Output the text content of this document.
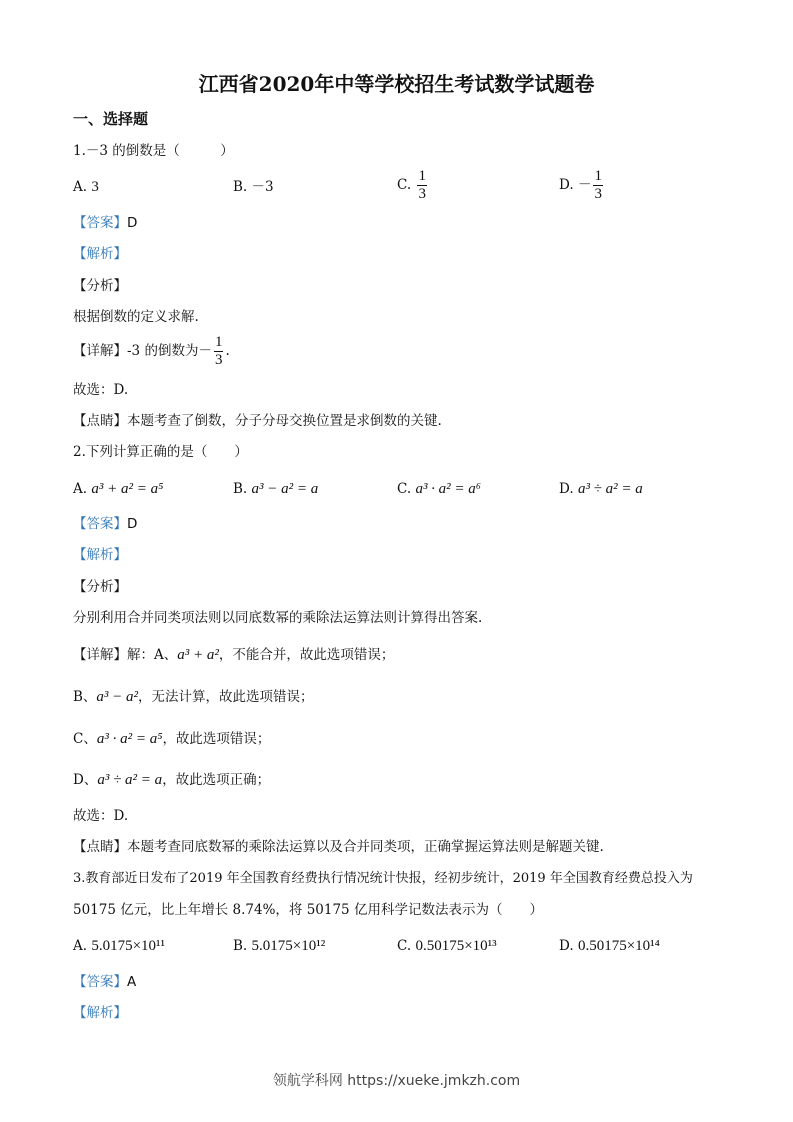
江西省2020年中等学校招生考试数学试题卷
一、选择题
1.－3 的倒数是（　　　）
A. 3	B. －3	C. $\frac{1}{3}$	D. － $\frac{1}{3}$
【答案】D
【解析】
【分析】
根据倒数的定义求解.
【详解】-3 的倒数为－ $\frac{1}{3}$ .
故选：D.
【点睛】本题考查了倒数，分子分母交换位置是求倒数的关键.
2.下列计算正确的是（　　）
A. a³ + a² = a⁵	B. a³ − a² = a	C. a³ · a² = a⁶	D. a³ ÷ a² = a
【答案】D
【解析】
【分析】
分别利用合并同类项法则以同底数幂的乘除法运算法则计算得出答案.
【详解】解：A、a³ + a²，不能合并，故此选项错误；
B、a³ − a²，无法计算，故此选项错误；
C、a³ · a² = a⁵，故此选项错误；
D、a³ ÷ a² = a，故此选项正确；
故选：D.
【点睛】本题考查同底数幂的乘除法运算以及合并同类项，正确掌握运算法则是解题关键.
3.教育部近日发布了2019 年全国教育经费执行情况统计快报，经初步统计，2019 年全国教育经费总投入为
50175 亿元，比上年增长 8.74%，将 50175 亿用科学记数法表示为（　　）
A. 5.0175×10¹¹	B. 5.0175×10¹²	C. 0.50175×10¹³	D. 0.50175×10¹⁴
【答案】A
【解析】
领航学科网 https://xueke.jmkzh.com
